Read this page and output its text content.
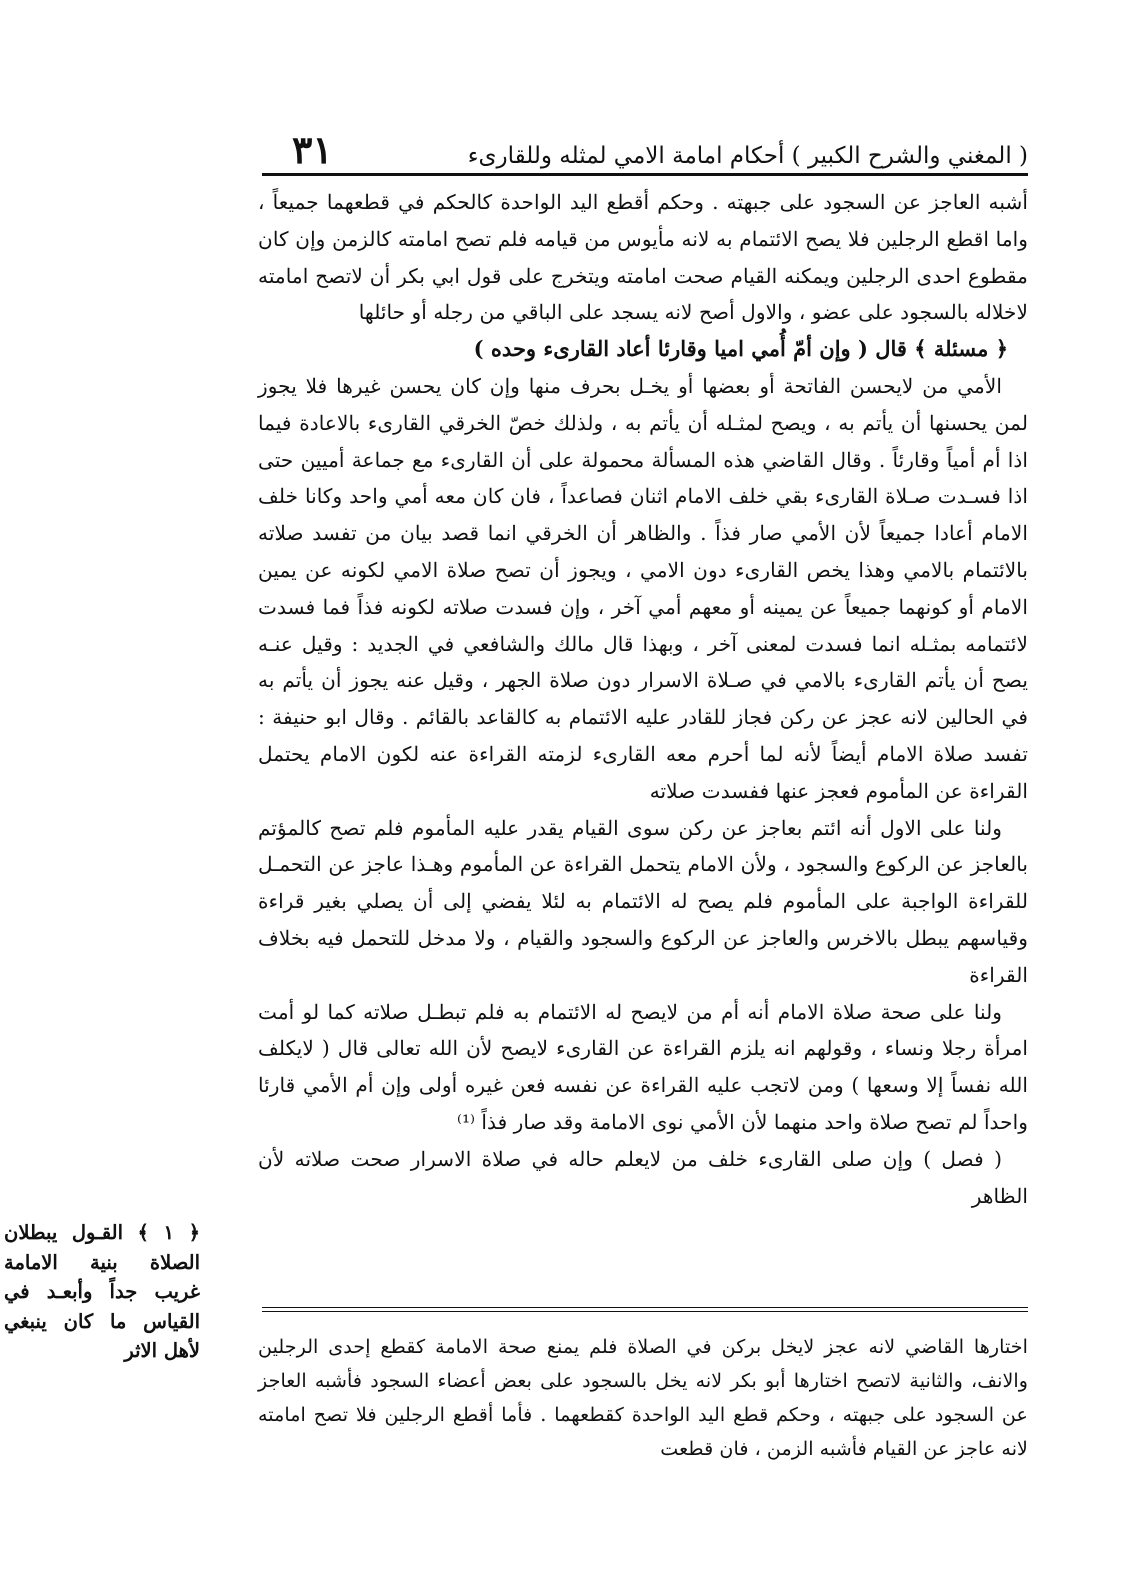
( المغني والشرح الكبير ) أحكام امامة الامي لمثله وللقارىء
٣١

أشبه العاجز عن السجود على جبهته . وحكم أقطع اليد الواحدة كالحكم في قطعهما جميعاً ، واما اقطع الرجلين فلا يصح الائتمام به لانه مأيوس من قيامه فلم تصح امامته كالزمن وإن كان مقطوع احدى الرجلين ويمكنه القيام صحت امامته ويتخرج على قول ابي بكر أن لاتصح امامته لاخلاله بالسجود على عضو ، والاول أصح لانه يسجد على الباقي من رجله أو حائلها

﴿ مسئلة ﴾ قال ( وإن أمّ أُمي اميا وقارئا أعاد القارىء وحده )

الأمي من لايحسن الفاتحة أو بعضها أو يخـل بحرف منها وإن كان يحسن غيرها فلا يجوز لمن يحسنها أن يأتم به ، ويصح لمثـله أن يأتم به ، ولذلك خصّ الخرقي القارىء بالاعادة فيما اذا أم أمياً وقارئاً . وقال القاضي هذه المسألة محمولة على أن القارىء مع جماعة أميين حتى اذا فسـدت صـلاة القارىء بقي خلف الامام اثنان فصاعداً ، فان كان معه أمي واحد وكانا خلف الامام أعادا جميعاً لأن الأمي صار فذاً . والظاهر أن الخرقي انما قصد بيان من تفسد صلاته بالائتمام بالامي وهذا يخص القارىء دون الامي ، ويجوز أن تصح صلاة الامي لكونه عن يمين الامام أو كونهما جميعاً عن يمينه أو معهم أمي آخر ، وإن فسدت صلاته لكونه فذاً فما فسدت لائتمامه بمثـله انما فسدت لمعنى آخر ، وبهذا قال مالك والشافعي في الجديد : وقيل عنـه يصح أن يأتم القارىء بالامي في صـلاة الاسرار دون صلاة الجهر ، وقيل عنه يجوز أن يأتم به في الحالين لانه عجز عن ركن فجاز للقادر عليه الائتمام به كالقاعد بالقائم . وقال ابو حنيفة : تفسد صلاة الامام أيضاً لأنه لما أحرم معه القارىء لزمته القراءة عنه لكون الامام يحتمل القراءة عن المأموم فعجز عنها ففسدت صلاته

ولنا على الاول أنه ائتم بعاجز عن ركن سوى القيام يقدر عليه المأموم فلم تصح كالمؤتم بالعاجز عن الركوع والسجود ، ولأن الامام يتحمل القراءة عن المأموم وهـذا عاجز عن التحمـل للقراءة الواجبة على المأموم فلم يصح له الائتمام به لئلا يفضي إلى أن يصلي بغير قراءة وقياسهم يبطل بالاخرس والعاجز عن الركوع والسجود والقيام ، ولا مدخل للتحمل فيه بخلاف القراءة

ولنا على صحة صلاة الامام أنه أم من لايصح له الائتمام به فلم تبطـل صلاته كما لو أمت امرأة رجلا ونساء ، وقولهم انه يلزم القراءة عن القارىء لايصح لأن الله تعالى قال ( لايكلف الله نفساً إلا وسعها ) ومن لاتجب عليه القراءة عن نفسه فعن غيره أولى وإن أم الأمي قارئا واحداً لم تصح صلاة واحد منهما لأن الأمي نوى الامامة وقد صار فذاً ⁽¹⁾

( فصل ) وإن صلى القارىء خلف من لايعلم حاله في صلاة الاسرار صحت صلاته لأن الظاهر

اختارها القاضي لانه عجز لايخل بركن في الصلاة فلم يمنع صحة الامامة كقطع إحدى الرجلين والانف، والثانية لاتصح اختارها أبو بكر لانه يخل بالسجود على بعض أعضاء السجود فأشبه العاجز عن السجود على جبهته ، وحكم قطع اليد الواحدة كقطعهما . فأما أقطع الرجلين فلا تصح امامته لانه عاجز عن القيام فأشبه الزمن ، فان قطعت

﴿ ١ ﴾ القـول يبطلان الصلاة بنية الامامة غريب جداً وأبعـد في القياس ما كان ينبغي لأهل الاثر
